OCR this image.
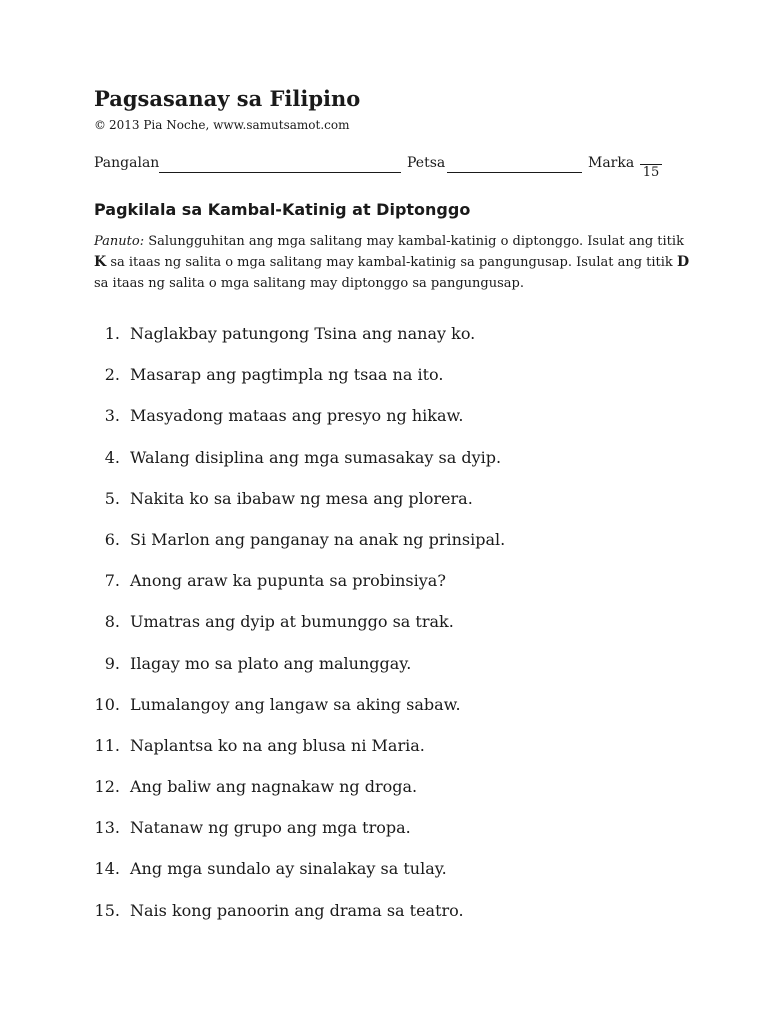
Pagsasanay sa Filipino
© 2013 Pia Noche, www.samutsamot.com
Pangalan	Petsa	Marka
15
Pagkilala sa Kambal-Katinig at Diptonggo
Panuto: Salungguhitan ang mga salitang may kambal-katinig o diptonggo. Isulat ang titik
K sa itaas ng salita o mga salitang may kambal-katinig sa pangungusap. Isulat ang titik D
sa itaas ng salita o mga salitang may diptonggo sa pangungusap.
1. Naglakbay patungong Tsina ang nanay ko.
2. Masarap ang pagtimpla ng tsaa na ito.
3. Masyadong mataas ang presyo ng hikaw.
4. Walang disiplina ang mga sumasakay sa dyip.
5. Nakita ko sa ibabaw ng mesa ang plorera.
6. Si Marlon ang panganay na anak ng prinsipal.
7. Anong araw ka pupunta sa probinsiya?
8. Umatras ang dyip at bumunggo sa trak.
9. Ilagay mo sa plato ang malunggay.
10. Lumalangoy ang langaw sa aking sabaw.
11. Naplantsa ko na ang blusa ni Maria.
12. Ang baliw ang nagnakaw ng droga.
13. Natanaw ng grupo ang mga tropa.
14. Ang mga sundalo ay sinalakay sa tulay.
15. Nais kong panoorin ang drama sa teatro.
